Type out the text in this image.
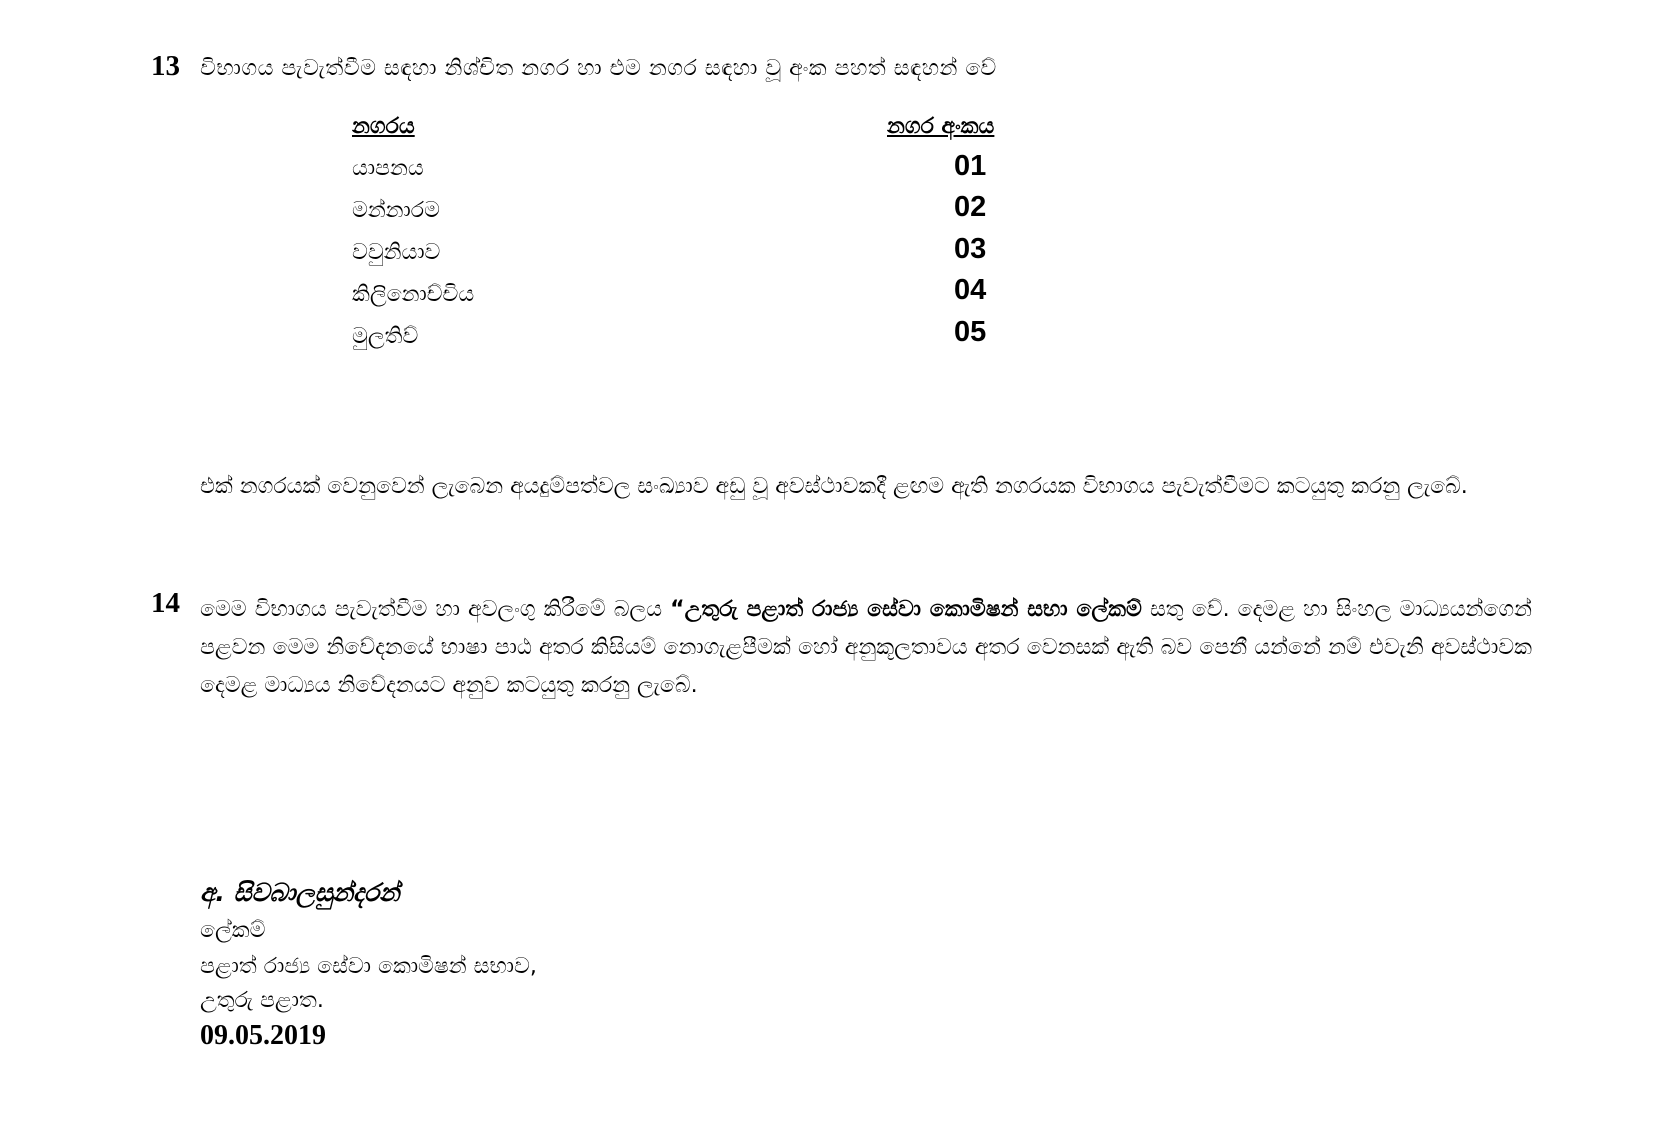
13 විභාගය පැවැත්වීම සඳහා නිශ්චිත නගර හා එම නගර සඳහා වූ අංක පහත් සඳහන් වේ
නගරය	නගර අංකය
යාපනය	01
මන්නාරම	02
වවුනියාව	03
කිලිනොච්චිය	04
මුලතිව්	05
එක් නගරයක් වෙනුවෙන් ලැබෙන අයදුම්පත්වල සංඛ්‍යාව අඩු වූ අවස්ථාවකදී ළඟම ඇති නගරයක විභාගය පැවැත්වීමට කටයුතු කරනු ලැබේ.
14 මෙම විභාගය පැවැත්වීම හා අවලංගු කිරීමේ බලය “උතුරු පළාත් රාජ්‍ය සේවා කොමිෂන් සභා ලේකම් සතු වේ. දෙමළ හා සිංහල මාධ්‍යයන්ගෙන් පළවන මෙම නිවේදනයේ භාෂා පාඨ අතර කිසියම් නොගැළපීමක් හෝ අනුකූලතාවය අතර වෙනසක් ඇති බව පෙනී යන්නේ නම් එවැනි අවස්ථාවක දෙමළ මාධ්‍යය නිවේදනයට අනුව කටයුතු කරනු ලැබේ.
අ. සිවබාලසුන්දරන්
ලේකම්
පළාත් රාජ්‍ය සේවා කොමිෂන් සභාව,
උතුරු පළාත.
09.05.2019
